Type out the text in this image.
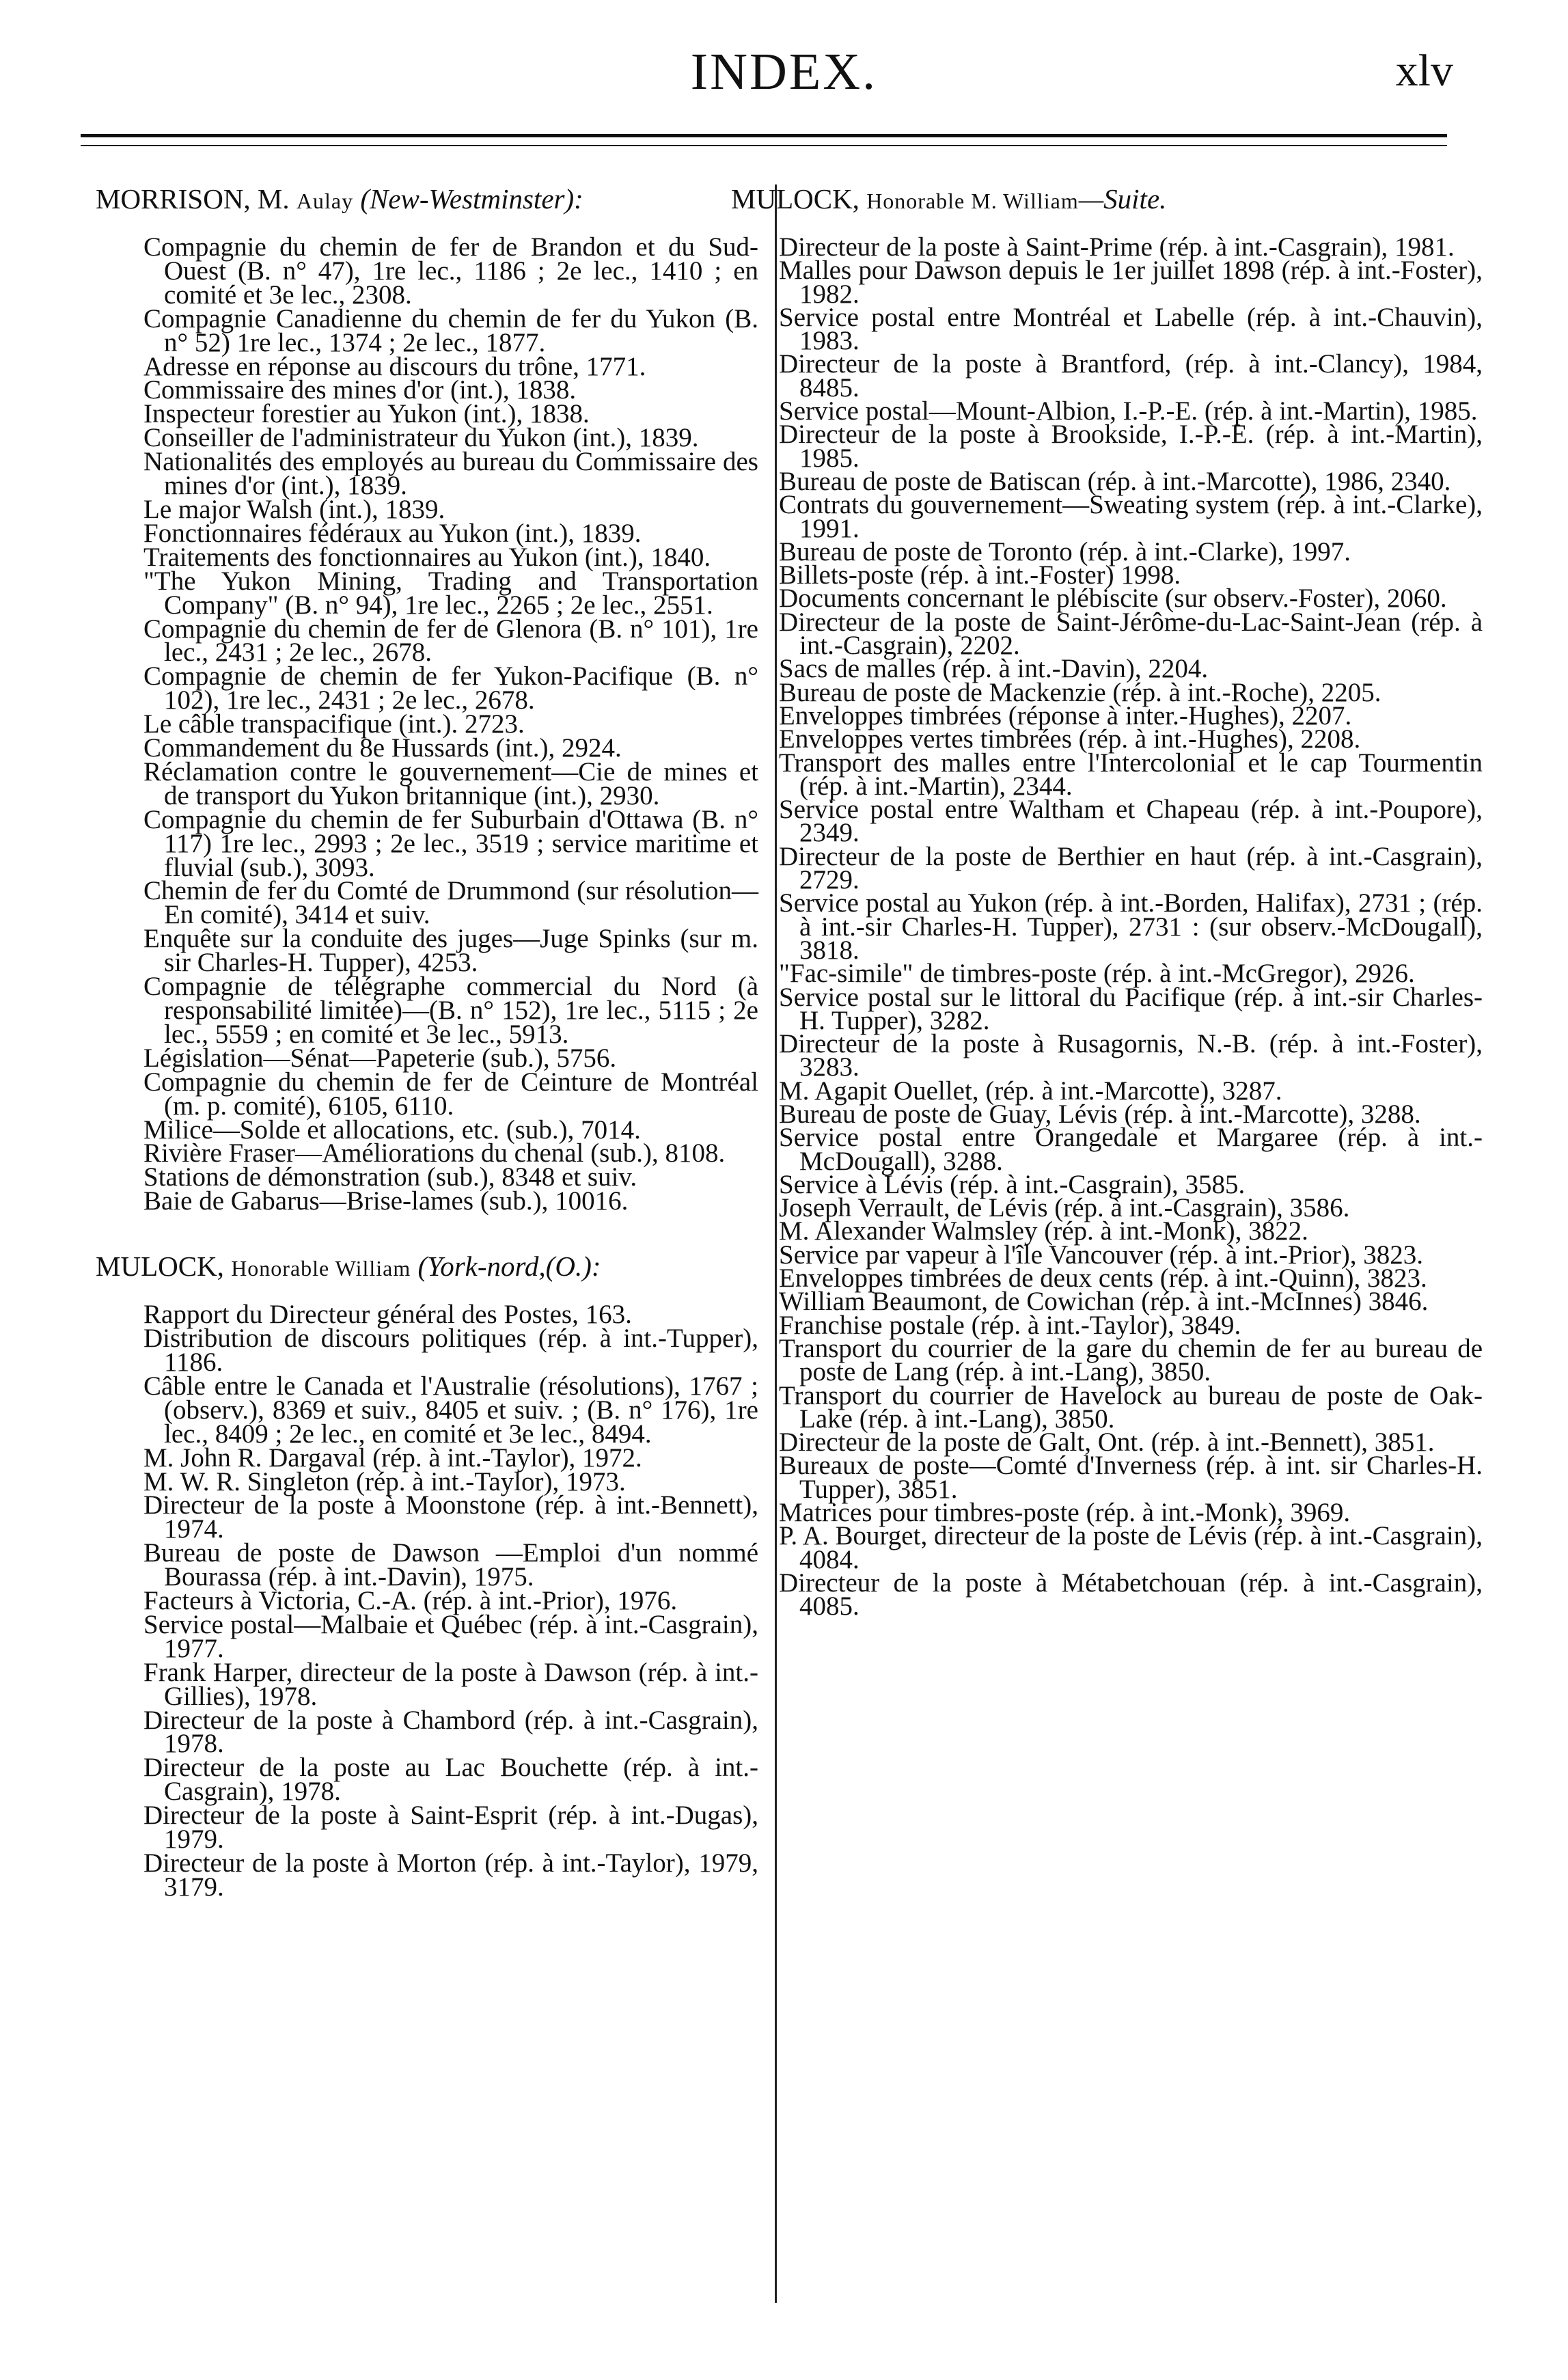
INDEX.	xlv
MORRISON, M. Aulay (New-Westminster):
Compagnie du chemin de fer de Brandon et du Sud-Ouest (B. n° 47), 1re lec., 1186 ; 2e lec., 1410 ; en comité et 3e lec., 2308.
Compagnie Canadienne du chemin de fer du Yukon (B. n° 52) 1re lec., 1374 ; 2e lec., 1877.
Adresse en réponse au discours du trône, 1771.
Commissaire des mines d'or (int.), 1838.
Inspecteur forestier au Yukon (int.), 1838.
Conseiller de l'administrateur du Yukon (int.), 1839.
Nationalités des employés au bureau du Commissaire des mines d'or (int.), 1839.
Le major Walsh (int.), 1839.
Fonctionnaires fédéraux au Yukon (int.), 1839.
Traitements des fonctionnaires au Yukon (int.), 1840.
"The Yukon Mining, Trading and Transportation Company" (B. n° 94), 1re lec., 2265 ; 2e lec., 2551.
Compagnie du chemin de fer de Glenora (B. n° 101), 1re lec., 2431 ; 2e lec., 2678.
Compagnie de chemin de fer Yukon-Pacifique (B. n° 102), 1re lec., 2431 ; 2e lec., 2678.
Le câble transpacifique (int.). 2723.
Commandement du 8e Hussards (int.), 2924.
Réclamation contre le gouvernement—Cie de mines et de transport du Yukon britannique (int.), 2930.
Compagnie du chemin de fer Suburbain d'Ottawa (B. n° 117) 1re lec., 2993 ; 2e lec., 3519 ; service maritime et fluvial (sub.), 3093.
Chemin de fer du Comté de Drummond (sur résolution—En comité), 3414 et suiv.
Enquête sur la conduite des juges—Juge Spinks (sur m. sir Charles-H. Tupper), 4253.
Compagnie de télégraphe commercial du Nord (à responsabilité limitée)—(B. n° 152), 1re lec., 5115 ; 2e lec., 5559 ; en comité et 3e lec., 5913.
Législation—Sénat—Papeterie (sub.), 5756.
Compagnie du chemin de fer de Ceinture de Montréal (m. p. comité), 6105, 6110.
Milice—Solde et allocations, etc. (sub.), 7014.
Rivière Fraser—Améliorations du chenal (sub.), 8108.
Stations de démonstration (sub.), 8348 et suiv.
Baie de Gabarus—Brise-lames (sub.), 10016.
MULOCK, Honorable William (York-nord,(O.):
Rapport du Directeur général des Postes, 163.
Distribution de discours politiques (rép. à int.-Tupper), 1186.
Câble entre le Canada et l'Australie (résolutions), 1767 ; (observ.), 8369 et suiv., 8405 et suiv. ; (B. n° 176), 1re lec., 8409 ; 2e lec., en comité et 3e lec., 8494.
M. John R. Dargaval (rép. à int.-Taylor), 1972.
M. W. R. Singleton (rép. à int.-Taylor), 1973.
Directeur de la poste à Moonstone (rép. à int.-Bennett), 1974.
Bureau de poste de Dawson —Emploi d'un nommé Bourassa (rép. à int.-Davin), 1975.
Facteurs à Victoria, C.-A. (rép. à int.-Prior), 1976.
Service postal—Malbaie et Québec (rép. à int.-Casgrain), 1977.
Frank Harper, directeur de la poste à Dawson (rép. à int.-Gillies), 1978.
Directeur de la poste à Chambord (rép. à int.-Casgrain), 1978.
Directeur de la poste au Lac Bouchette (rép. à int.-Casgrain), 1978.
Directeur de la poste à Saint-Esprit (rép. à int.-Dugas), 1979.
Directeur de la poste à Morton (rép. à int.-Taylor), 1979, 3179.
MULOCK, Honorable M. William—Suite.
Directeur de la poste à Saint-Prime (rép. à int.-Casgrain), 1981.
Malles pour Dawson depuis le 1er juillet 1898 (rép. à int.-Foster), 1982.
Service postal entre Montréal et Labelle (rép. à int.-Chauvin), 1983.
Directeur de la poste à Brantford, (rép. à int.-Clancy), 1984, 8485.
Service postal—Mount-Albion, I.-P.-E. (rép. à int.-Martin), 1985.
Directeur de la poste à Brookside, I.-P.-E. (rép. à int.-Martin), 1985.
Bureau de poste de Batiscan (rép. à int.-Marcotte), 1986, 2340.
Contrats du gouvernement—Sweating system (rép. à int.-Clarke), 1991.
Bureau de poste de Toronto (rép. à int.-Clarke), 1997.
Billets-poste (rép. à int.-Foster) 1998.
Documents concernant le plébiscite (sur observ.-Foster), 2060.
Directeur de la poste de Saint-Jérôme-du-Lac-Saint-Jean (rép. à int.-Casgrain), 2202.
Sacs de malles (rép. à int.-Davin), 2204.
Bureau de poste de Mackenzie (rép. à int.-Roche), 2205.
Enveloppes timbrées (réponse à inter.-Hughes), 2207.
Enveloppes vertes timbrées (rép. à int.-Hughes), 2208.
Transport des malles entre l'Intercolonial et le cap Tourmentin (rép. à int.-Martin), 2344.
Service postal entre Waltham et Chapeau (rép. à int.-Poupore), 2349.
Directeur de la poste de Berthier en haut (rép. à int.-Casgrain), 2729.
Service postal au Yukon (rép. à int.-Borden, Halifax), 2731 ; (rép. à int.-sir Charles-H. Tupper), 2731 : (sur observ.-McDougall), 3818.
"Fac-simile" de timbres-poste (rép. à int.-McGregor), 2926.
Service postal sur le littoral du Pacifique (rép. à int.-sir Charles-H. Tupper), 3282.
Directeur de la poste à Rusagornis, N.-B. (rép. à int.-Foster), 3283.
M. Agapit Ouellet, (rép. à int.-Marcotte), 3287.
Bureau de poste de Guay, Lévis (rép. à int.-Marcotte), 3288.
Service postal entre Orangedale et Margaree (rép. à int.-McDougall), 3288.
Service à Lévis (rép. à int.-Casgrain), 3585.
Joseph Verrault, de Lévis (rép. à int.-Casgrain), 3586.
M. Alexander Walmsley (rép. à int.-Monk), 3822.
Service par vapeur à l'île Vancouver (rép. à int.-Prior), 3823.
Enveloppes timbrées de deux cents (rép. à int.-Quinn), 3823.
William Beaumont, de Cowichan (rép. à int.-McInnes) 3846.
Franchise postale (rép. à int.-Taylor), 3849.
Transport du courrier de la gare du chemin de fer au bureau de poste de Lang (rép. à int.-Lang), 3850.
Transport du courrier de Havelock au bureau de poste de Oak-Lake (rép. à int.-Lang), 3850.
Directeur de la poste de Galt, Ont. (rép. à int.-Bennett), 3851.
Bureaux de poste—Comté d'Inverness (rép. à int. sir Charles-H. Tupper), 3851.
Matrices pour timbres-poste (rép. à int.-Monk), 3969.
P. A. Bourget, directeur de la poste de Lévis (rép. à int.-Casgrain), 4084.
Directeur de la poste à Métabetchouan (rép. à int.-Casgrain), 4085.
